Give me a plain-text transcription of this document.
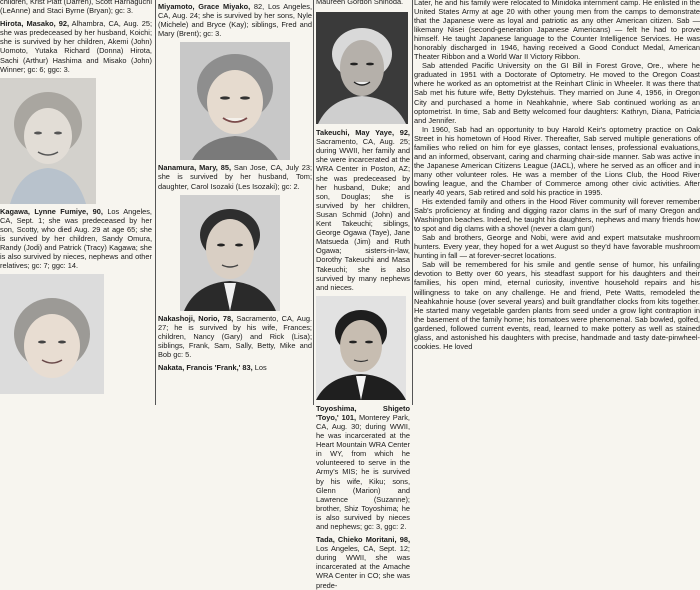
children, Krist Platt (Darren), Scott Harnaguchi (LeAnne) and Staci Byrne (Bryan); gc: 3.

Hirota, Masako, 92, Alhambra, CA, Aug. 25; she was predeceased by her husband, Koichi; she is survived by her children, Akemi (John) Uomoto, Yutaka Richard (Donna) Hirota, Sachi (Arthur) Hashima and Misako (John) Winner; gc: 6; ggc: 3.

Kagawa, Lynne Fumiye, 90, Los Angeles, CA, Sept. 1; she was predeceased by her son, Scotty, who died Aug. 29 at age 65; she is survived by her children, Sandy Omura, Randy (Jodi) and Patrick (Tracy) Kagawa; she is also survived by nieces, nephews and other relatives; gc: 7; ggc: 14.

Miyamoto, Grace Miyako, 82, Los Angeles, CA, Aug. 24; she is survived by her sons, Nyle (Michele) and Bryce (Kay); siblings, Fred and Mary (Brent); gc: 3.

Nanamura, Mary, 85, San Jose, CA, July 23; she is survived by her husband, Tom; daughter, Carol Isozaki (Les Isozaki); gc: 2.

Nakashoji, Norio, 78, Sacramento, CA, Aug. 27; he is survived by his wife, Frances; children, Nancy (Gary) and Rick (Lisa); siblings, Frank, Sam, Sally, Betty, Mike and Bob gc: 5.

Nakata, Francis 'Frank,' 83, Los

Maureen Gordon Shinoda.

Takeuchi, May Yaye, 92, Sacramento, CA, Aug. 25; during WWII, her family and she were incarcerated at the WRA Center in Poston, AZ; she was predeceased by her husband, Duke; and son, Douglas; she is survived by her children, Susan Schmid (John) and Kent Takeuchi; siblings, George Ogawa (Taye), Jane Matsueda (Jim) and Ruth Ogawa; sisters-in-law, Dorothy Takeuchi and Masa Takeuchi; she is also survived by many nephews and nieces.

Toyoshima, Shigeto 'Toyo,' 101, Monterey Park, CA, Aug. 30; during WWII, he was incarcerated at the Heart Mountain WRA Center in WY, from which he volunteered to serve in the Army's MIS; he is survived by his wife, Kiku; sons, Glenn (Marion) and Lawrence (Suzanne); brother, Shiz Toyoshima; he is also survived by nieces and nephews; gc: 3, ggc: 2.

Tada, Chieko Moritani, 98, Los Angeles, CA, Sept. 12; during WWII, she was incarcerated at the Amache WRA Center in CO; she was prede-

Later, he and his family were relocated to Minidoka internment camp. He enlisted in the United States Army at age 20 with other young men from the camps to demonstrate that the Japanese were as loyal and patriotic as any other American citizen. Sab — likemany Nisei (second-generation Japanese Americans) — felt he had to prove himself. He taught Japanese language to the Counter Intelligence Services. He was honorably discharged in 1946, having received a Good Conduct Medal, American Theater Ribbon and a World War II Victory Ribbon.

Sab attended Pacific University on the GI Bill in Forest Grove, Ore., where he graduated in 1951 with a Doctorate of Optometry. He moved to the Oregon Coast where he worked as an optometrist at the Reinhart Clinic in Wheeler. It was there that Sab met his future wife, Betty Dykstehuis. They married on June 4, 1956, in Oregon City and purchased a home in Neahkahnie, where Sab continued working as an optometrist. In time, Sab and Betty welcomed four daughters: Kathryn, Diana, Patricia and Jennifer.

In 1960, Sab had an opportunity to buy Harold Keir's optometry practice on Oak Street in his hometown of Hood River. Thereafter, Sab served multiple generations of families who relied on him for eye glasses, contact lenses, professional evaluations, and an informed, observant, caring and charming chair-side manner. Sab was active in the Japanese American Citizens League (JACL), where he served as an officer and in many other volunteer roles. He was a member of the Lions Club, the Hood River bowling league, and the Chamber of Commerce among other civic activities. After nearly 40 years, Sab retired and sold his practice in 1995.

His extended family and others in the Hood River community will forever remember Sab's proficiency at finding and digging razor clams in the surf of many Oregon and Washington beaches. Indeed, he taught his daughters, nephews and many friends how to spot and dig clams with a shovel (never a clam gun!)

Sab and brothers, George and Nobi, were avid and expert matsutake mushroom hunters. Every year, they hoped for a wet August so they'd have favorable mushroom hunting in fall — at forever-secret locations.

Sab will be remembered for his smile and gentle sense of humor, his unfailing devotion to Betty over 60 years, his steadfast support for his daughters and their families, his open mind, eternal curiosity, inventive household repairs and his willingness to take on any challenge. He and friend, Pete Watts, remodeled the Neahkahnie house (over several years) and built grandfather clocks from kits together. He started many vegetable garden plants from seed under a grow light contraption in the basement of the family home; his tomatoes were phenomenal. Sab bowled, golfed, gardened, followed current events, read, learned to make pottery as well as stained glass, and astonished his daughters with precise, handmade and tasty date-pinwheel-cookies. He loved
